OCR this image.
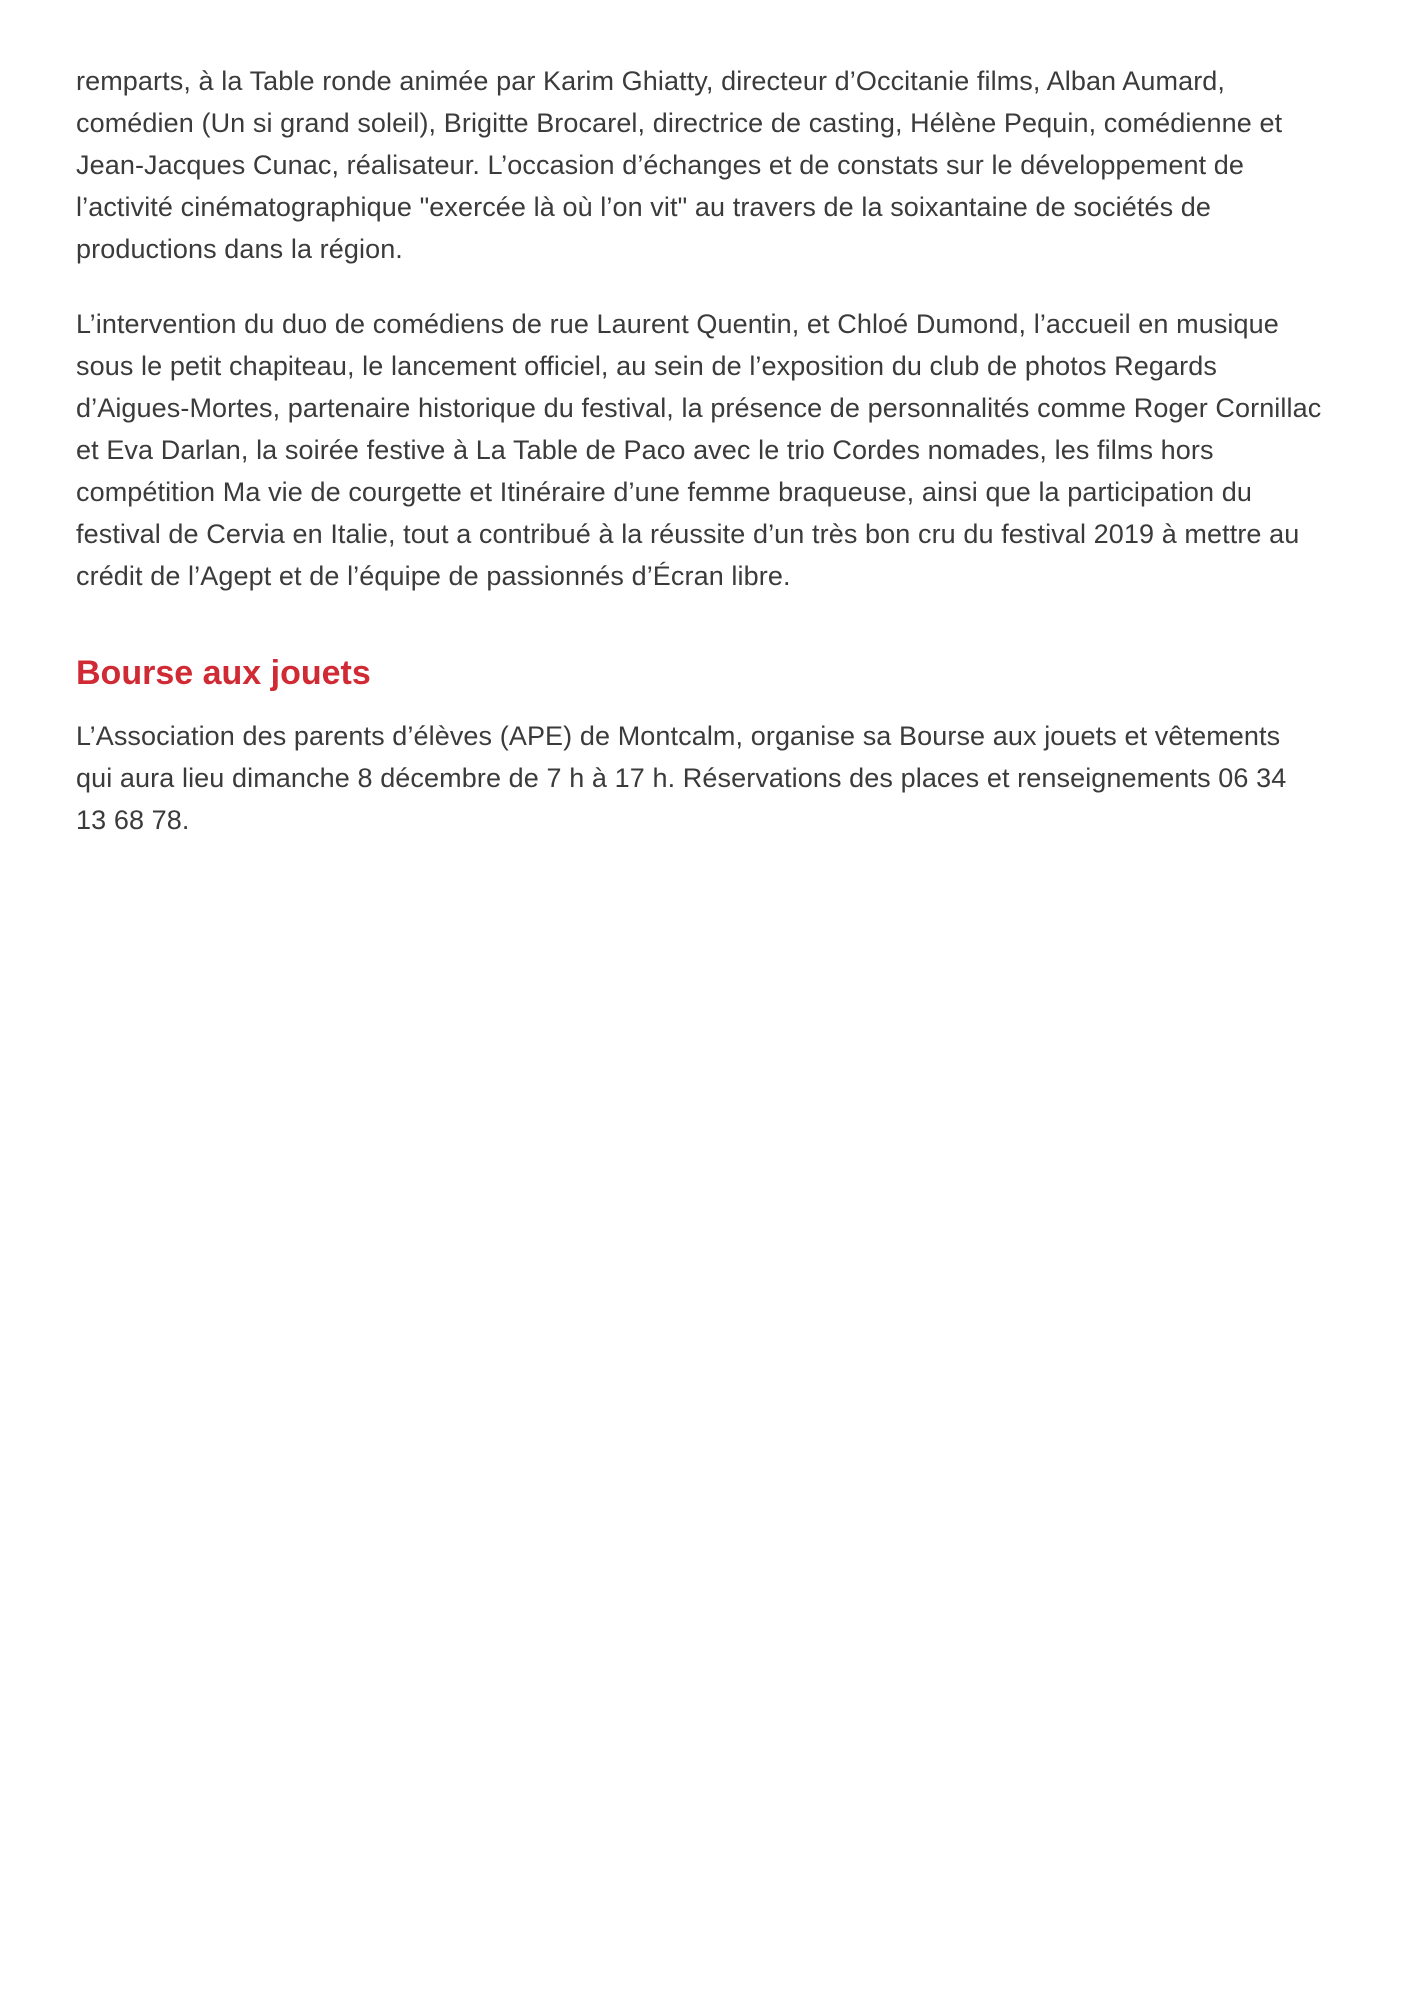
remparts, à la Table ronde animée par Karim Ghiatty, directeur d’Occitanie films, Alban Aumard, comédien (Un si grand soleil), Brigitte Brocarel, directrice de casting, Hélène Pequin, comédienne et Jean-Jacques Cunac, réalisateur. L’occasion d’échanges et de constats sur le développement de l’activité cinématographique "exercée là où l’on vit" au travers de la soixantaine de sociétés de productions dans la région.

L’intervention du duo de comédiens de rue Laurent Quentin, et Chloé Dumond, l’accueil en musique sous le petit chapiteau, le lancement officiel, au sein de l’exposition du club de photos Regards d’Aigues-Mortes, partenaire historique du festival, la présence de personnalités comme Roger Cornillac et Eva Darlan, la soirée festive à La Table de Paco avec le trio Cordes nomades, les films hors compétition Ma vie de courgette et Itinéraire d’une femme braqueuse, ainsi que la participation du festival de Cervia en Italie, tout a contribué à la réussite d’un très bon cru du festival 2019 à mettre au crédit de l’Agept et de l’équipe de passionnés d’Écran libre.

Bourse aux jouets

L’Association des parents d’élèves (APE) de Montcalm, organise sa Bourse aux jouets et vêtements qui aura lieu dimanche 8 décembre de 7 h à 17 h. Réservations des places et renseignements 06 34 13 68 78.
